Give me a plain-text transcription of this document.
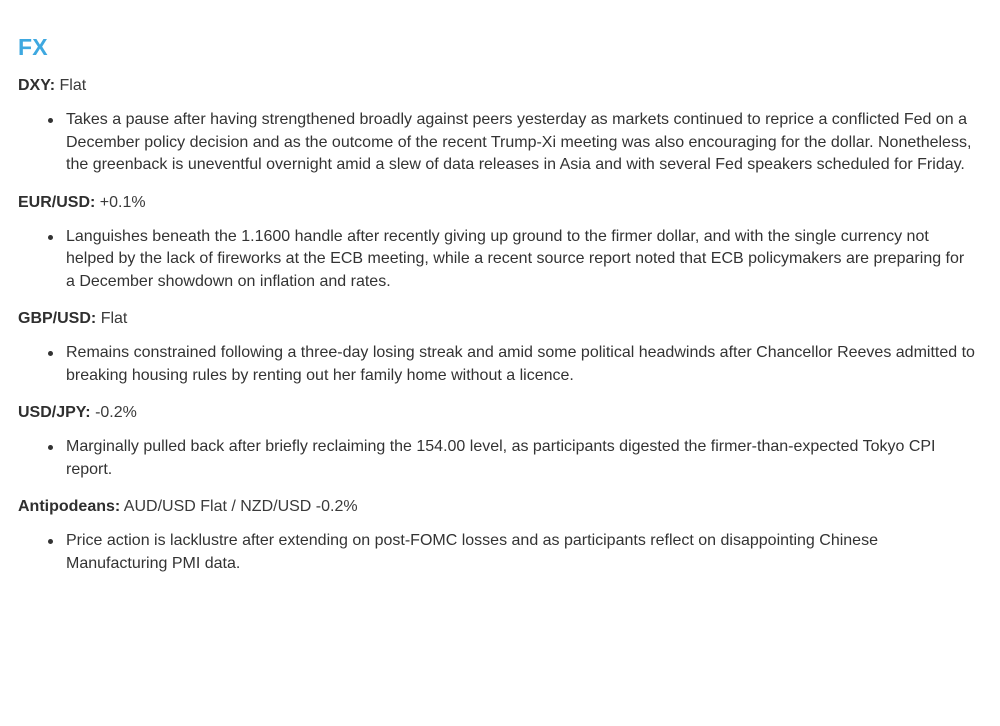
FX

DXY: Flat

Takes a pause after having strengthened broadly against peers yesterday as markets continued to reprice a conflicted Fed on a December policy decision and as the outcome of the recent Trump-Xi meeting was also encouraging for the dollar. Nonetheless, the greenback is uneventful overnight amid a slew of data releases in Asia and with several Fed speakers scheduled for Friday.

EUR/USD: +0.1%

Languishes beneath the 1.1600 handle after recently giving up ground to the firmer dollar, and with the single currency not helped by the lack of fireworks at the ECB meeting, while a recent source report noted that ECB policymakers are preparing for a December showdown on inflation and rates.

GBP/USD: Flat

Remains constrained following a three-day losing streak and amid some political headwinds after Chancellor Reeves admitted to breaking housing rules by renting out her family home without a licence.

USD/JPY: -0.2%

Marginally pulled back after briefly reclaiming the 154.00 level, as participants digested the firmer-than-expected Tokyo CPI report.

Antipodeans: AUD/USD Flat / NZD/USD -0.2%

Price action is lacklustre after extending on post-FOMC losses and as participants reflect on disappointing Chinese Manufacturing PMI data.
